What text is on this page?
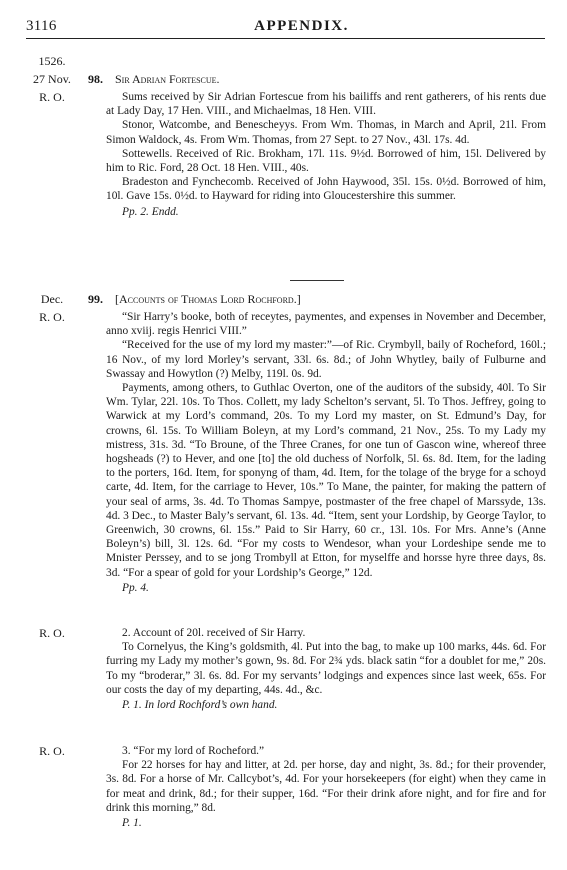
3116	APPENDIX.
1526.
27 Nov.
R. O.
98. Sir Adrian Fortescue.

Sums received by Sir Adrian Fortescue from his bailiffs and rent gatherers, of his rents due at Lady Day, 17 Hen. VIII., and Michaelmas, 18 Hen. VIII.

Stonor, Watcombe, and Benescheyys. From Wm. Thomas, in March and April, 21l. From Simon Waldock, 4s. From Wm. Thomas, from 27 Sept. to 27 Nov., 43l. 17s. 4d.

Sottewells. Received of Ric. Brokham, 17l. 11s. 9½d. Borrowed of him, 15l. Delivered by him to Ric. Ford, 28 Oct. 18 Hen. VIII., 40s.

Bradeston and Fynchecomb. Received of John Haywood, 35l. 15s. 0½d. Borrowed of him, 10l. Gave 15s. 0½d. to Hayward for riding into Gloucestershire this summer.

Pp. 2. Endd.

Dec.
R. O.
99. [Accounts of Thomas Lord Rochford.]

“Sir Harry’s booke, both of receytes, paymentes, and expenses in November and December, anno xviij. regis Henrici VIII.”

“Received for the use of my lord my master:”—of Ric. Crymbyll, baily of Rocheford, 160l.; 16 Nov., of my lord Morley’s servant, 33l. 6s. 8d.; of John Whytley, baily of Fulburne and Swassay and Howytlon (?) Melby, 119l. 0s. 9d.

Payments, among others, to Guthlac Overton, one of the auditors of the subsidy, 40l. To Sir Wm. Tylar, 22l. 10s. To Thos. Collett, my lady Schelton’s servant, 5l. To Thos. Jeffrey, going to Warwick at my Lord’s command, 20s. To my Lord my master, on St. Edmund’s Day, for crowns, 6l. 15s. To William Boleyn, at my Lord’s command, 21 Nov., 25s. To my Lady my mistress, 31s. 3d. “To Broune, of the Three Cranes, for one tun of Gascon wine, whereof three hogsheads (?) to Hever, and one [to] the old duchess of Norfolk, 5l. 6s. 8d. Item, for the lading to the porters, 16d. Item, for sponyng of tham, 4d. Item, for the tolage of the bryge for a schoyd carte, 4d. Item, for the carriage to Hever, 10s.” To Mane, the painter, for making the pattern of your seal of arms, 3s. 4d. To Thomas Sampye, postmaster of the free chapel of Marssyde, 13s. 4d. 3 Dec., to Master Baly’s servant, 6l. 13s. 4d. “Item, sent your Lordship, by George Taylor, to Greenwich, 30 crowns, 6l. 15s.” Paid to Sir Harry, 60 cr., 13l. 10s. For Mrs. Anne’s (Anne Boleyn’s) bill, 3l. 12s. 6d. “For my costs to Wendesor, whan your Lordeshipe sende me to Mnister Perssey, and to se jong Trombyll at Etton, for myselffe and horsse hyre three days, 8s. 3d. “For a spear of gold for your Lordship’s George,” 12d.

Pp. 4.

R. O.	2. Account of 20l. received of Sir Harry.

To Cornelyus, the King’s goldsmith, 4l. Put into the bag, to make up 100 marks, 44s. 6d. For furring my Lady my mother’s gown, 9s. 8d. For 2¾ yds. black satin “for a doublet for me,” 20s. To my “broderar,” 3l. 6s. 8d. For my servants’ lodgings and expences since last week, 65s. For our costs the day of my departing, 44s. 4d., &c.

P. 1. In lord Rochford’s own hand.

R. O.	3. “For my lord of Rocheford.”

For 22 horses for hay and litter, at 2d. per horse, day and night, 3s. 8d.; for their provender, 3s. 8d. For a horse of Mr. Callcybot’s, 4d. For your horsekeepers (for eight) when they came in for meat and drink, 8d.; for their supper, 16d. “For their drink afore night, and for fire and for drink this morning,” 8d.

P. 1.
